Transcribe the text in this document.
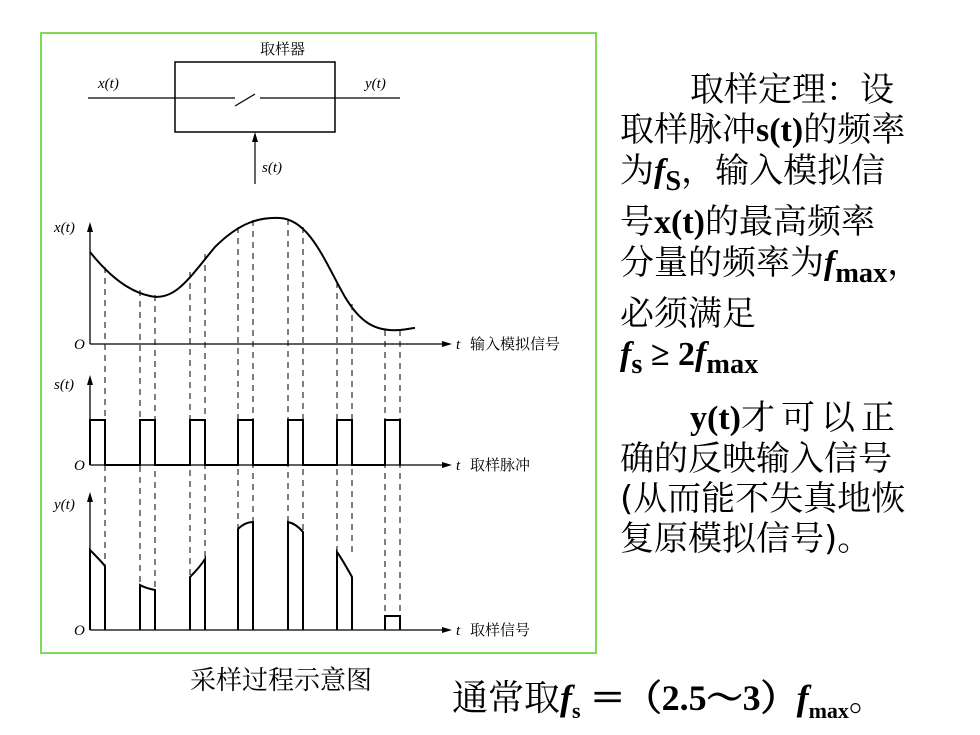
取样器
x(t)	y(t)
s(t)
x(t)
s(t)
y(t)
O
O
O
t
t
t
输入模拟信号
取样脉冲
取样信号
采样过程示意图
取样定理：设
取样脉冲s(t)的频率
为$f_S$，输入模拟信
号x(t)的最高频率
分量的频率为$f_{max}$，
必须满足
$f_s \ge 2f_{max}$
y(t)才可以正
确的反映输入信号
(从而能不失真地恢
复原模拟信号)。
通常取$f_s$ $=(2.5\sim 3)f_{max}$。
